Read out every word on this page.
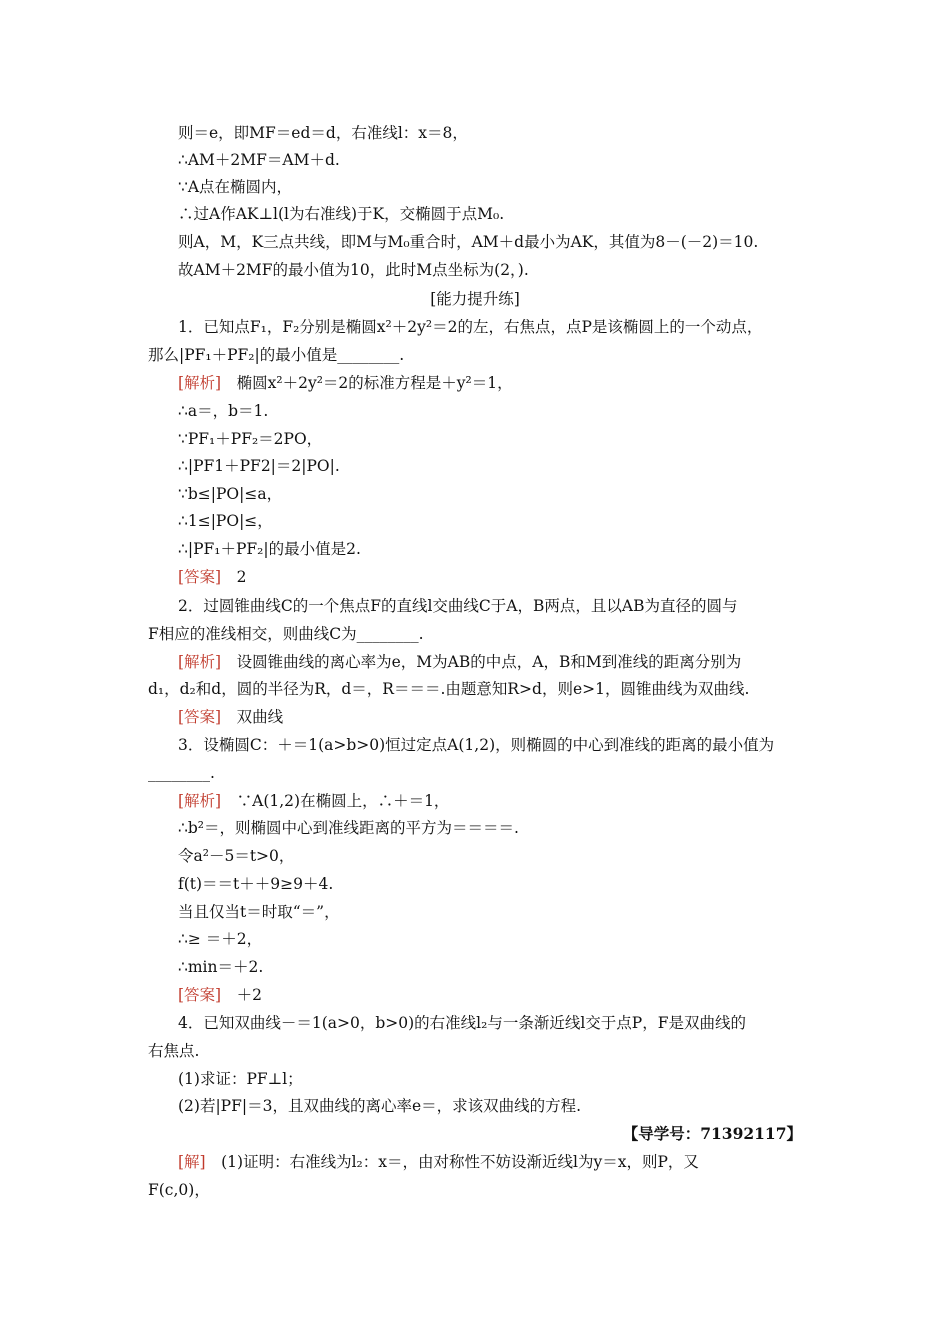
则＝e，即MF＝ed＝d，右准线l：x＝8，
∴AM＋2MF＝AM＋d.
∵A点在椭圆内，
∴过A作AK⊥l(l为右准线)于K，交椭圆于点M₀.
则A，M，K三点共线，即M与M₀重合时，AM＋d最小为AK，其值为8－(－2)＝10.
故AM＋2MF的最小值为10，此时M点坐标为(2，).
[能力提升练]
1．已知点F₁，F₂分别是椭圆x²＋2y²＝2的左，右焦点，点P是该椭圆上的一个动点，
那么|PF₁＋PF₂|的最小值是________.
[解析]　 椭圆x²＋2y²＝2的标准方程是＋y²＝1，
∴a＝，b＝1.
∵PF₁＋PF₂＝2PO，
∴|PF1＋PF2|＝2|PO|.
∵b≤|PO|≤a，
∴1≤|PO|≤，
∴|PF₁＋PF₂|的最小值是2.
[答案]　 2
2．过圆锥曲线C的一个焦点F的直线l交曲线C于A，B两点，且以AB为直径的圆与
F相应的准线相交，则曲线C为________.
[解析]　 设圆锥曲线的离心率为e，M为AB的中点，A，B和M到准线的距离分别为
d₁，d₂和d，圆的半径为R，d＝，R＝＝＝.由题意知R>d，则e>1，圆锥曲线为双曲线.
[答案]　 双曲线
3．设椭圆C：＋＝1(a>b>0)恒过定点A(1,2)，则椭圆的中心到准线的距离的最小值为
________.
[解析]　 ∵A(1,2)在椭圆上，∴＋＝1，
∴b²＝，则椭圆中心到准线距离的平方为＝＝＝＝.
令a²－5＝t>0，
f(t)＝＝t＋＋9≥9＋4.
当且仅当t＝时取“＝”，
∴≥ ＝＋2，
∴min＝＋2.
[答案]　 ＋2
4．已知双曲线－＝1(a>0，b>0)的右准线l₂与一条渐近线l交于点P，F是双曲线的
右焦点.
(1)求证：PF⊥l；
(2)若|PF|＝3，且双曲线的离心率e＝，求该双曲线的方程.
【导学号：71392117】
[解]　 (1)证明：右准线为l₂：x＝，由对称性不妨设渐近线l为y＝x，则P，又
F(c,0)，
